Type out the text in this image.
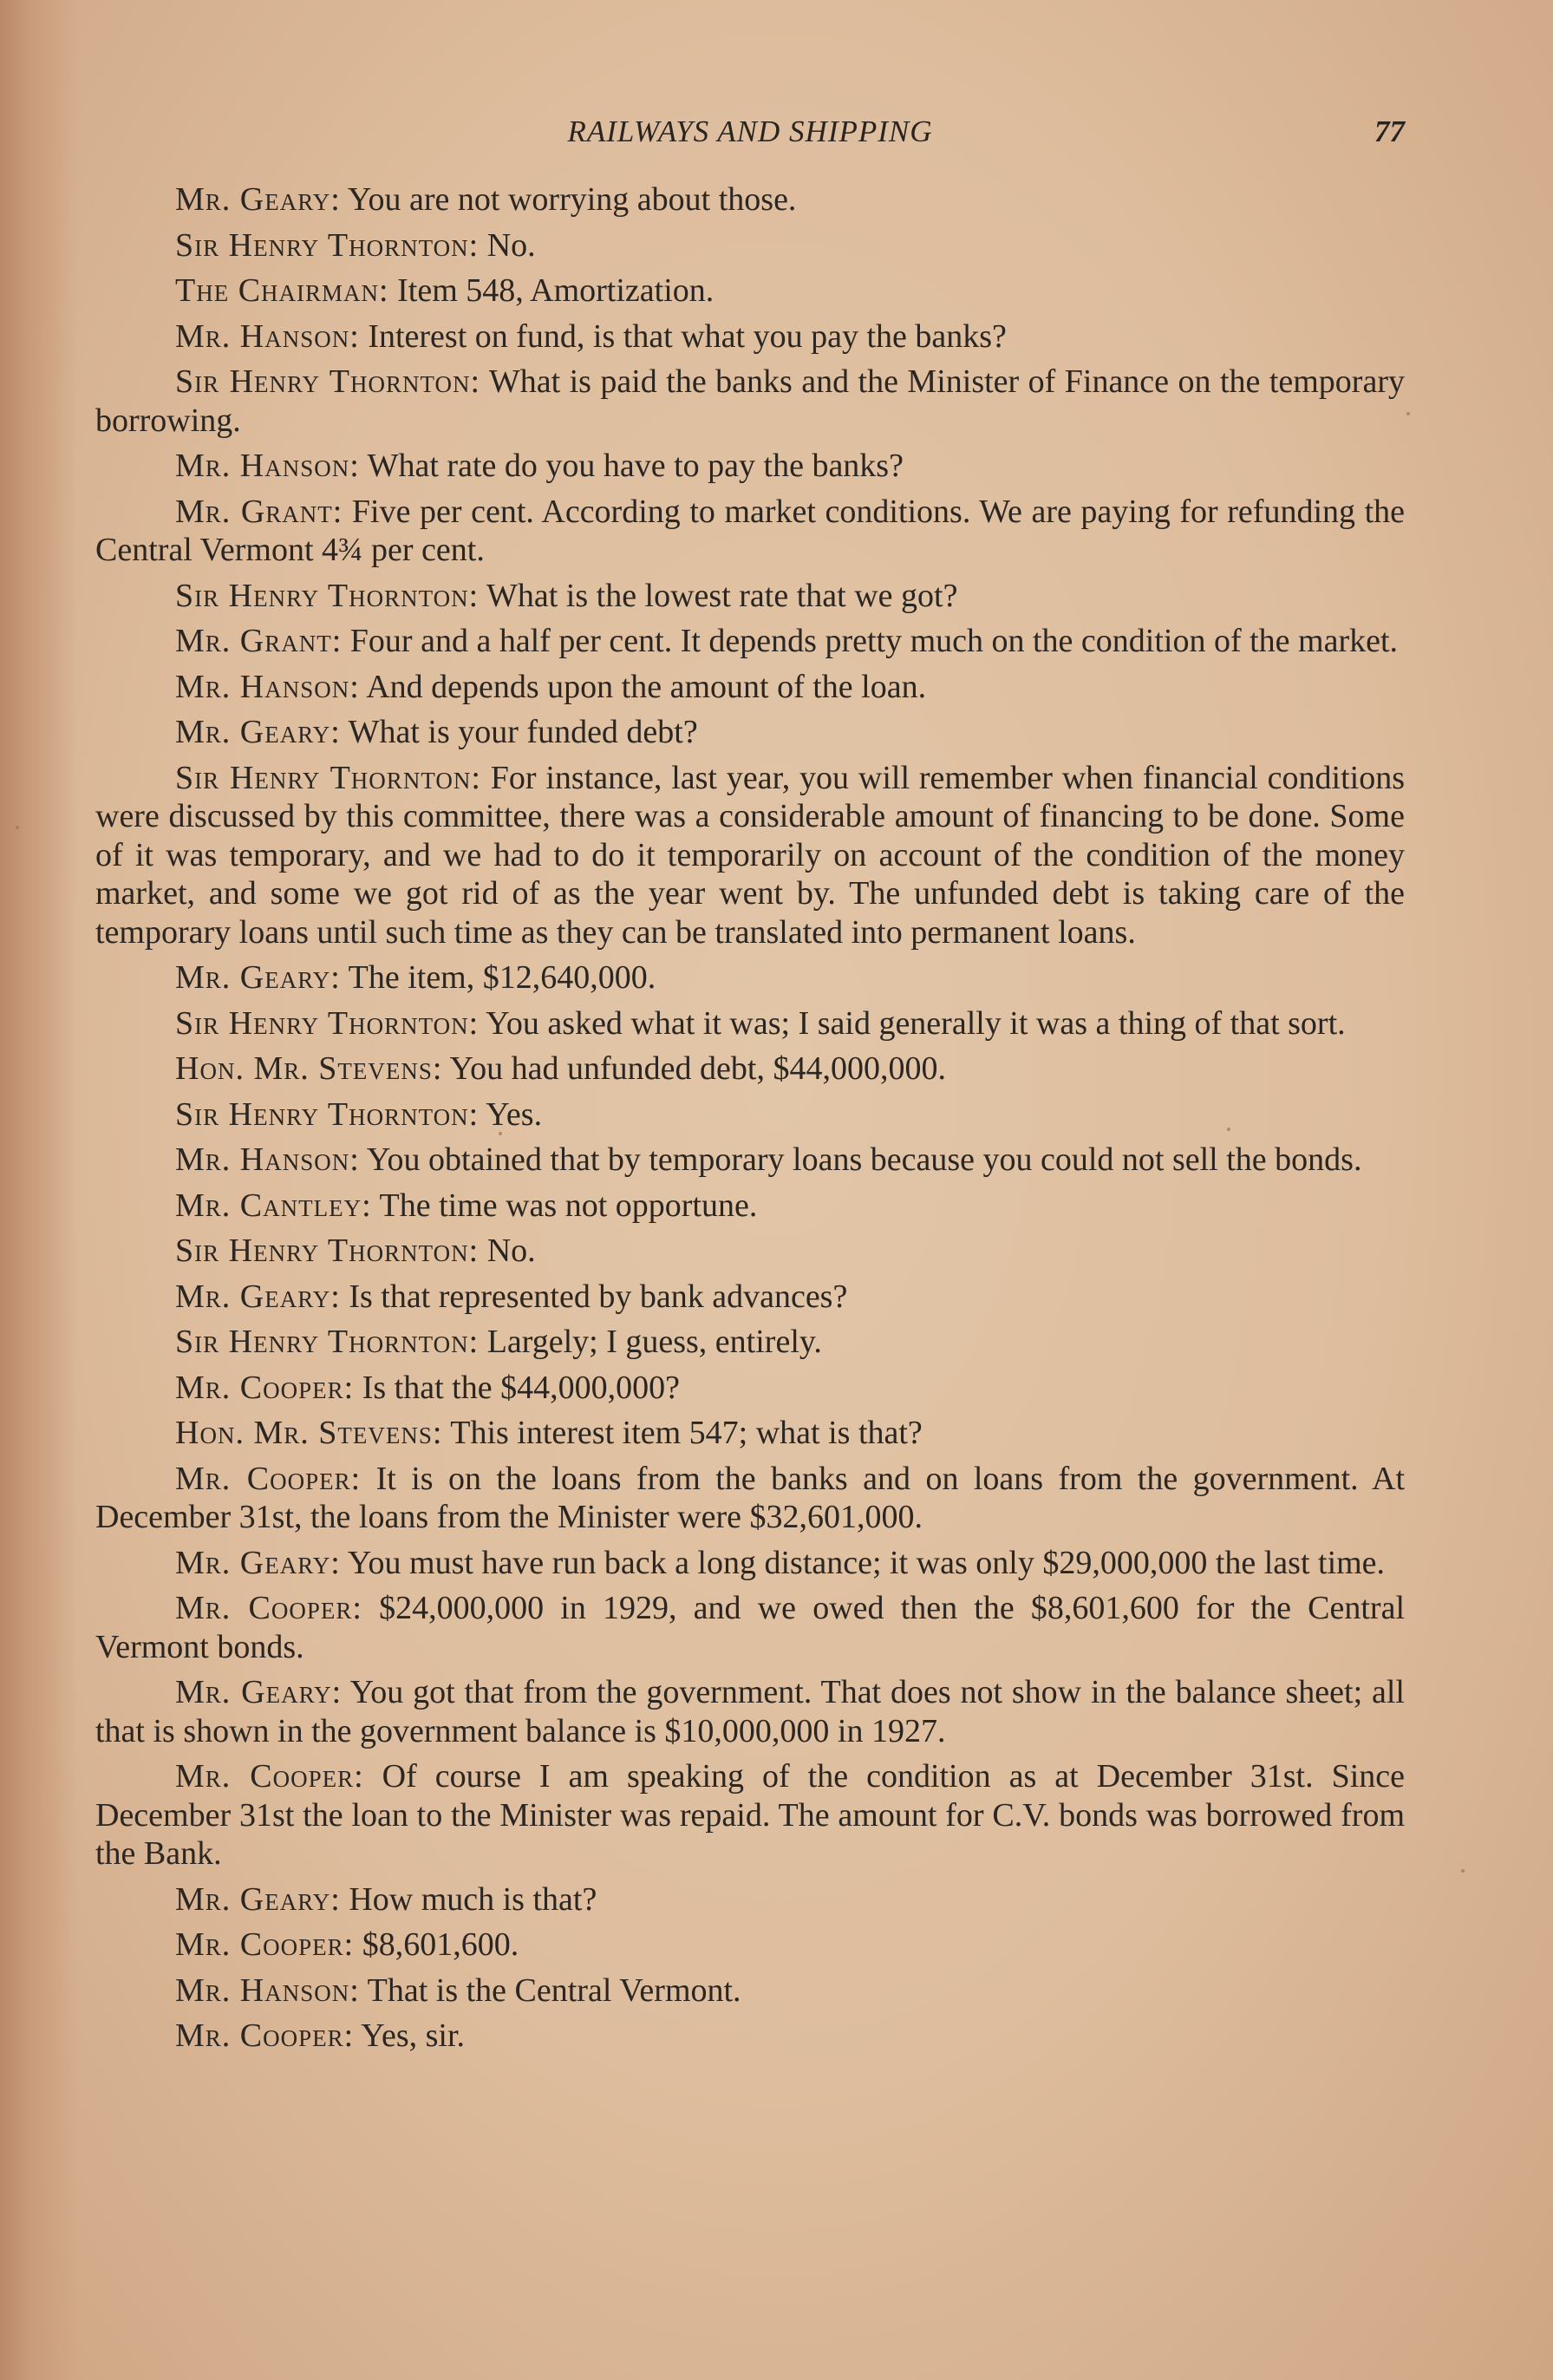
RAILWAYS AND SHIPPING	77

Mr. Geary: You are not worrying about those.

Sir Henry Thornton: No.

The Chairman: Item 548, Amortization.

Mr. Hanson: Interest on fund, is that what you pay the banks?

Sir Henry Thornton: What is paid the banks and the Minister of Finance on the temporary borrowing.

Mr. Hanson: What rate do you have to pay the banks?

Mr. Grant: Five per cent. According to market conditions. We are paying for refunding the Central Vermont 4¾ per cent.

Sir Henry Thornton: What is the lowest rate that we got?

Mr. Grant: Four and a half per cent. It depends pretty much on the condition of the market.

Mr. Hanson: And depends upon the amount of the loan.

Mr. Geary: What is your funded debt?

Sir Henry Thornton: For instance, last year, you will remember when financial conditions were discussed by this committee, there was a considerable amount of financing to be done. Some of it was temporary, and we had to do it temporarily on account of the condition of the money market, and some we got rid of as the year went by. The unfunded debt is taking care of the temporary loans until such time as they can be translated into permanent loans.

Mr. Geary: The item, $12,640,000.

Sir Henry Thornton: You asked what it was; I said generally it was a thing of that sort.

Hon. Mr. Stevens: You had unfunded debt, $44,000,000.

Sir Henry Thornton: Yes.

Mr. Hanson: You obtained that by temporary loans because you could not sell the bonds.

Mr. Cantley: The time was not opportune.

Sir Henry Thornton: No.

Mr. Geary: Is that represented by bank advances?

Sir Henry Thornton: Largely; I guess, entirely.

Mr. Cooper: Is that the $44,000,000?

Hon. Mr. Stevens: This interest item 547; what is that?

Mr. Cooper: It is on the loans from the banks and on loans from the government. At December 31st, the loans from the Minister were $32,601,000.

Mr. Geary: You must have run back a long distance; it was only $29,000,000 the last time.

Mr. Cooper: $24,000,000 in 1929, and we owed then the $8,601,600 for the Central Vermont bonds.

Mr. Geary: You got that from the government. That does not show in the balance sheet; all that is shown in the government balance is $10,000,000 in 1927.

Mr. Cooper: Of course I am speaking of the condition as at December 31st. Since December 31st the loan to the Minister was repaid. The amount for C.V. bonds was borrowed from the Bank.

Mr. Geary: How much is that?

Mr. Cooper: $8,601,600.

Mr. Hanson: That is the Central Vermont.

Mr. Cooper: Yes, sir.
